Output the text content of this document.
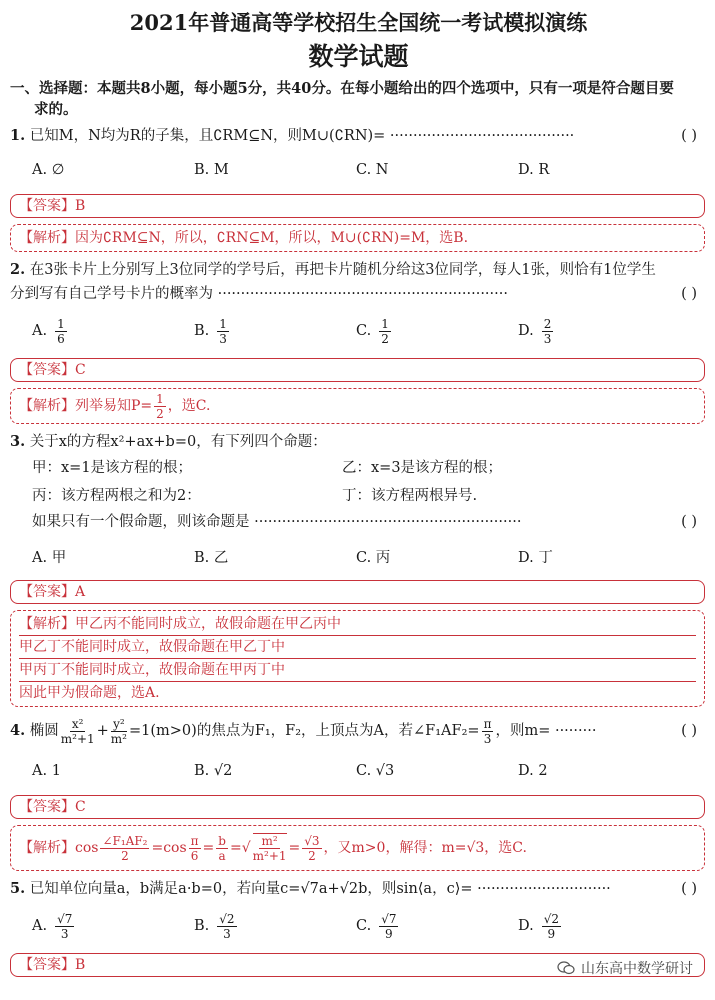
2021年普通高等学校招生全国统一考试模拟演练
数学试题
一、选择题：本题共8小题，每小题5分，共40分。在每小题给出的四个选项中，只有一项是符合题目要
求的。
1. 已知M，N均为R的子集，且∁RM⊆N，则M∪(∁RN)= ········································	( )
A. ∅	B. M	C. N	D. R
【答案】B
【解析】因为∁RM⊆N，所以，∁RN⊆M，所以，M∪(∁RN)=M，选B.
2. 在3张卡片上分别写上3位同学的学号后，再把卡片随机分给这3位同学，每人1张，则恰有1位学生
分到写有自己学号卡片的概率为 ·······························································	( )
A. $\frac{1}{6}$	B. $\frac{1}{3}$	C. $\frac{1}{2}$	D. $\frac{2}{3}$
【答案】C
【解析】列举易知$P= \frac{1}{2}$ ，选C.
3. 关于x的方程x²+ax+b=0，有下列四个命题：
甲：x=1是该方程的根；	乙：x=3是该方程的根；
丙：该方程两根之和为2：	丁：该方程两根异号.
如果只有一个假命题，则该命题是 ··························································	( )
A. 甲	B. 乙	C. 丙	D. 丁
【答案】A
【解析】甲乙丙不能同时成立，故假命题在甲乙丙中
甲乙丁不能同时成立，故假命题在甲乙丁中
甲丙丁不能同时成立，故假命题在甲丙丁中
因此甲为假命题，选A.
4. 椭圆 $\frac{\text{x²}}{\text{m²+1}} + \frac{\text{y²}}{\text{m²}} =1(m>0)$的焦点为F₁，F₂，上顶点为A，若∠F₁AF₂= $\frac{\pi}{3}$ ，则m= ·········	( )
A. 1	B. √2	C. √3	D. 2
【答案】C
【解析】$\cos \frac{\text{∠F₁AF₂}}{2} =\cos \frac{\pi}{6} = \frac{b}{a}$ =√ $\frac{\text{m²}}{\text{m²+1}} = \frac{√3}{2}$ ，又m>0，解得：m=√3，选C.
5. 已知单位向量a，b满足a·b=0，若向量c=√7a+√2b，则sin⟨a，c⟩= ·····························	( )
A. $\frac{√7}{3}$	B. $\frac{√2}{3}$	C. $\frac{√7}{9}$	D. $\frac{√2}{9}$
【答案】B	山东高中数学研讨
